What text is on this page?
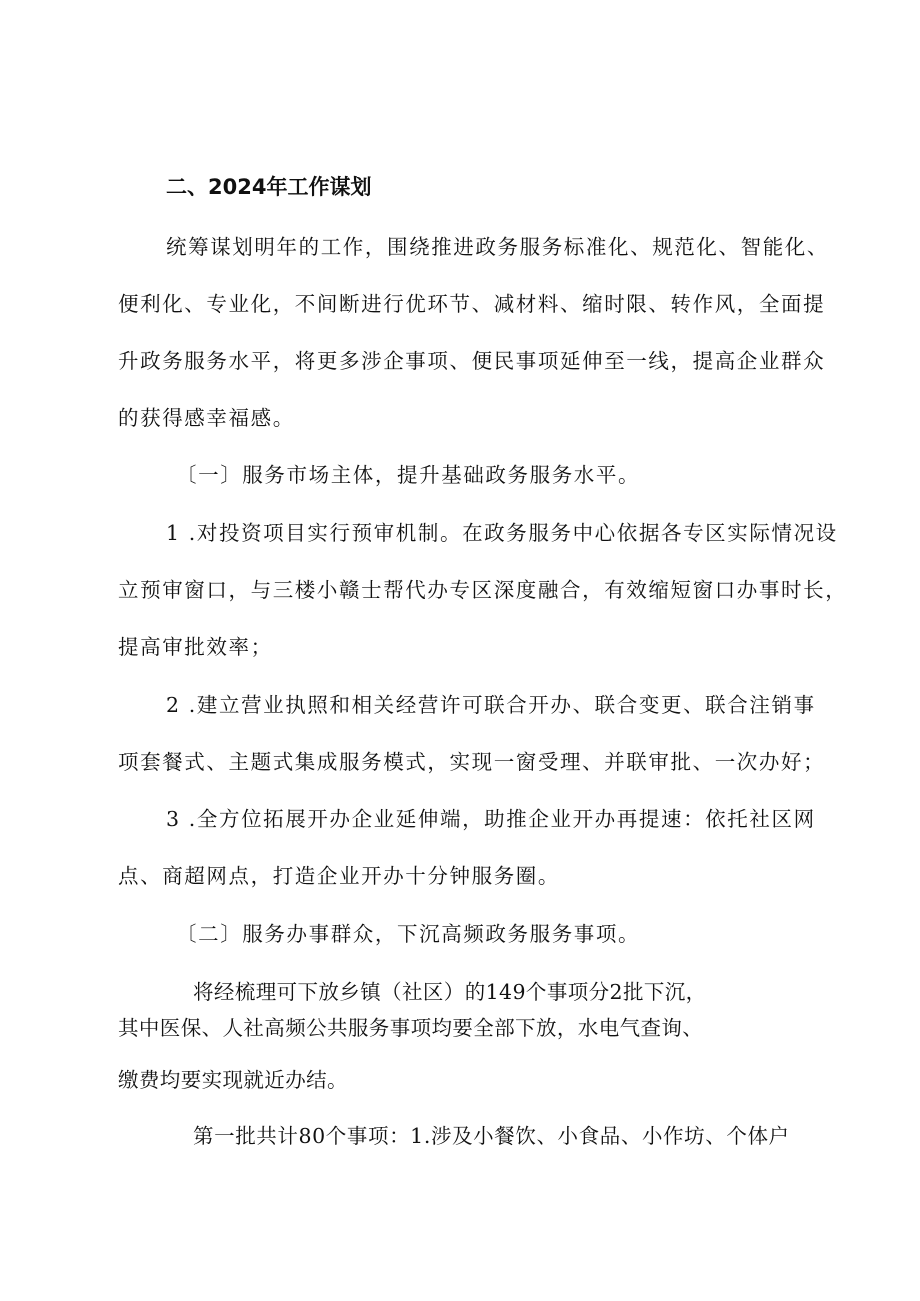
二、2024年工作谋划
统筹谋划明年的工作，围绕推进政务服务标准化、规范化、智能化、
便利化、专业化，不间断进行优环节、减材料、缩时限、转作风，全面提
升政务服务水平，将更多涉企事项、便民事项延伸至一线，提高企业群众
的获得感幸福感。
〔一〕服务市场主体，提升基础政务服务水平。
1 .对投资项目实行预审机制。在政务服务中心依据各专区实际情况设
立预审窗口，与三楼小赣士帮代办专区深度融合，有效缩短窗口办事时长，
提高审批效率；
2 .建立营业执照和相关经营许可联合开办、联合变更、联合注销事
项套餐式、主题式集成服务模式，实现一窗受理、并联审批、一次办好；
3 .全方位拓展开办企业延伸端，助推企业开办再提速：依托社区网
点、商超网点，打造企业开办十分钟服务圈。
〔二〕服务办事群众，下沉高频政务服务事项。
将经梳理可下放乡镇（社区）的149个事项分2批下沉，
其中医保、人社高频公共服务事项均要全部下放，水电气查询、
缴费均要实现就近办结。
第一批共计80个事项：1.涉及小餐饮、小食品、小作坊、个体户
